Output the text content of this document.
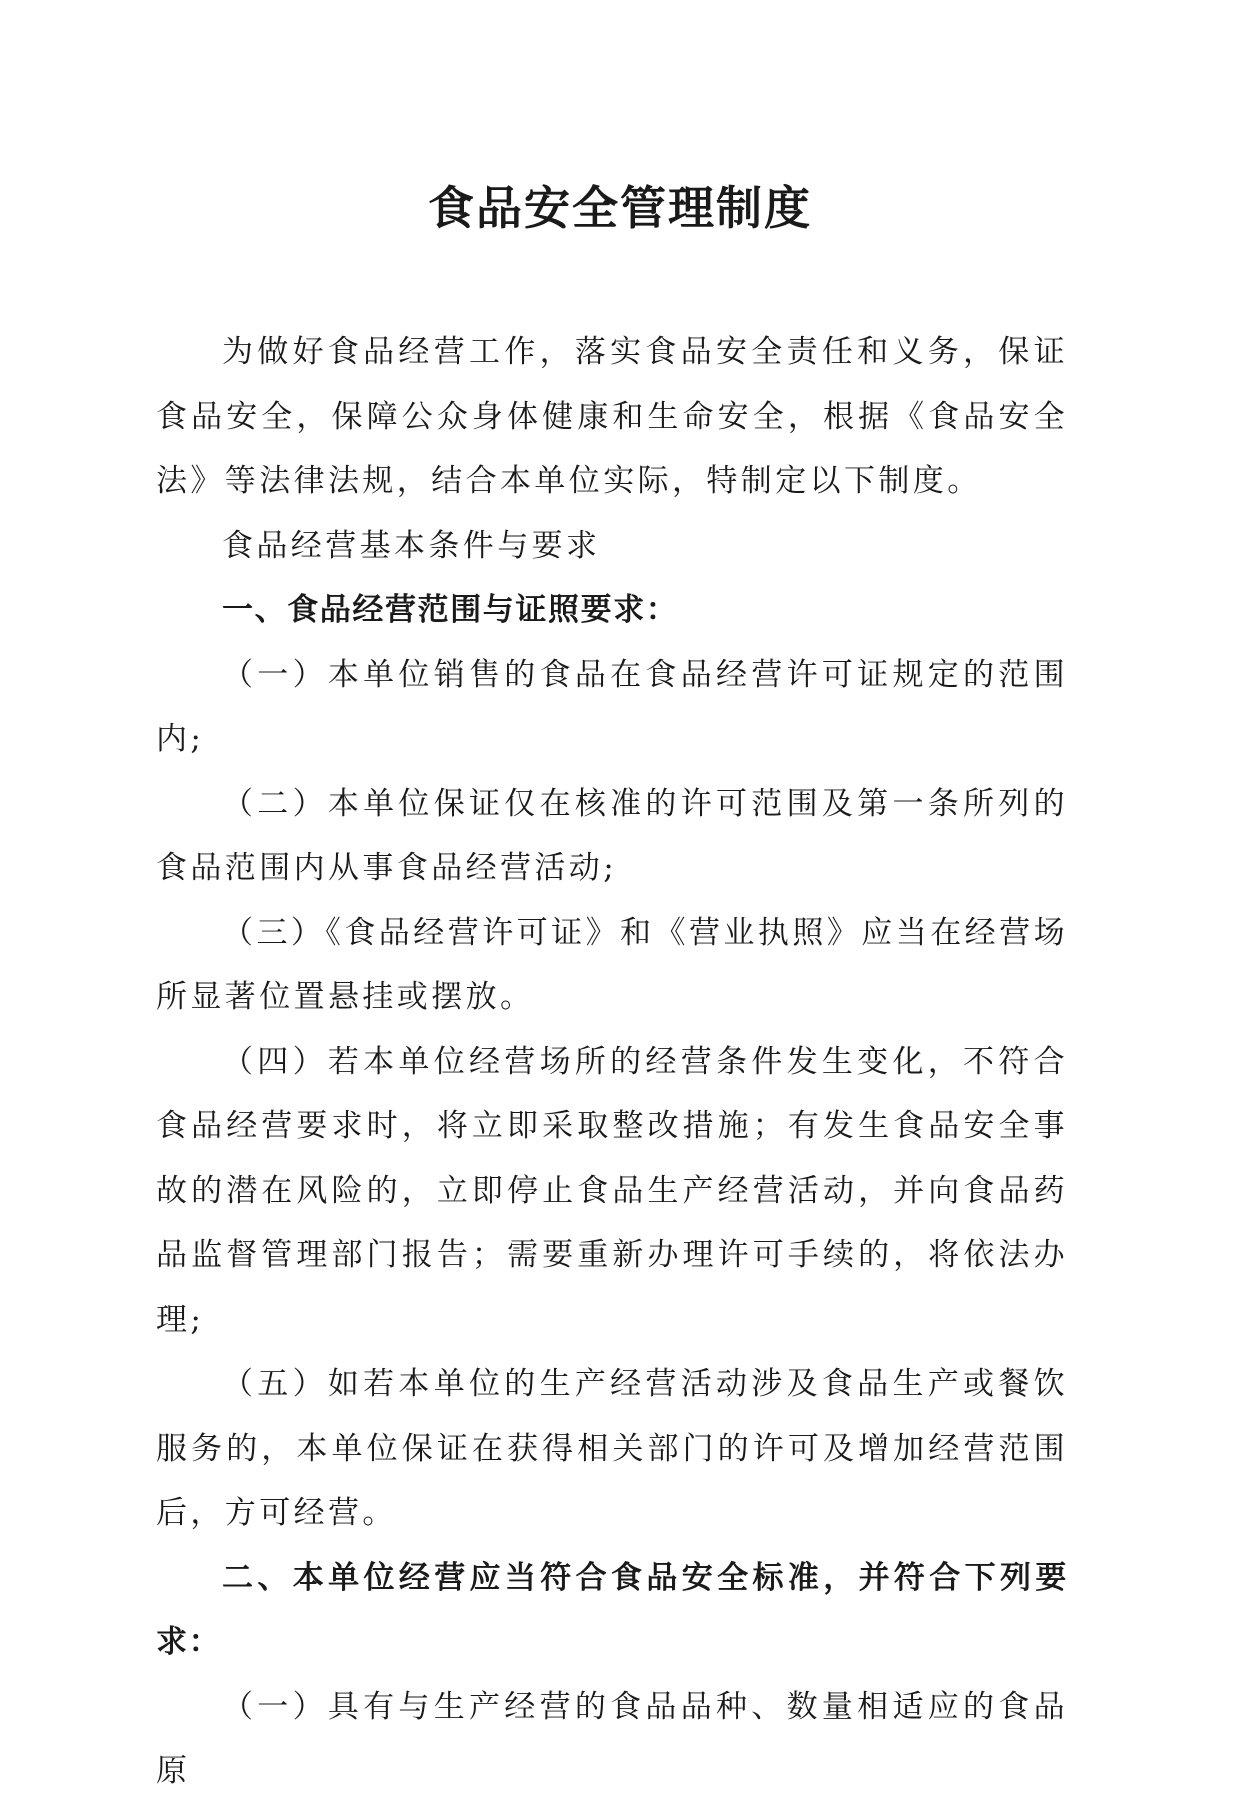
食品安全管理制度

为做好食品经营工作，落实食品安全责任和义务，保证食品安全，保障公众身体健康和生命安全，根据《食品安全法》等法律法规，结合本单位实际，特制定以下制度。

食品经营基本条件与要求

一、食品经营范围与证照要求：

（一）本单位销售的食品在食品经营许可证规定的范围内;

（二）本单位保证仅在核准的许可范围及第一条所列的食品范围内从事食品经营活动;

（三）《食品经营许可证》和《营业执照》应当在经营场所显著位置悬挂或摆放。

（四）若本单位经营场所的经营条件发生变化，不符合食品经营要求时，将立即采取整改措施；有发生食品安全事故的潜在风险的，立即停止食品生产经营活动，并向食品药品监督管理部门报告；需要重新办理许可手续的，将依法办理;

（五）如若本单位的生产经营活动涉及食品生产或餐饮服务的，本单位保证在获得相关部门的许可及增加经营范围后，方可经营。

二、本单位经营应当符合食品安全标准，并符合下列要求：

（一）具有与生产经营的食品品种、数量相适应的食品原
